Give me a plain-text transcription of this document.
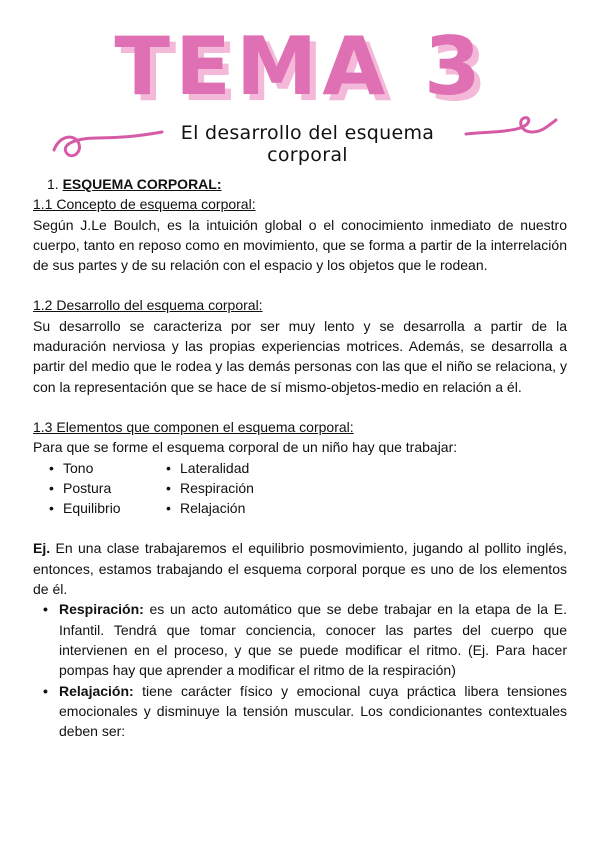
TEMA 3
El desarrollo del esquema corporal

1. ESQUEMA CORPORAL:

1.1 Concepto de esquema corporal:

Según J.Le Boulch, es la intuición global o el conocimiento inmediato de nuestro cuerpo, tanto en reposo como en movimiento, que se forma a partir de la interrelación de sus partes y de su relación con el espacio y los objetos que le rodean.

1.2 Desarrollo del esquema corporal:

Su desarrollo se caracteriza por ser muy lento y se desarrolla a partir de la maduración nerviosa y las propias experiencias motrices. Además, se desarrolla a partir del medio que le rodea y las demás personas con las que el niño se relaciona, y con la representación que se hace de sí mismo-objetos-medio en relación a él.

1.3 Elementos que componen el esquema corporal:

Para que se forme el esquema corporal de un niño hay que trabajar:

• Tono
• Postura
• Equilibrio
• Lateralidad
• Respiración
• Relajación

Ej. En una clase trabajaremos el equilibrio posmovimiento, jugando al pollito inglés, entonces, estamos trabajando el esquema corporal porque es uno de los elementos de él.

• Respiración: es un acto automático que se debe trabajar en la etapa de la E. Infantil. Tendrá que tomar conciencia, conocer las partes del cuerpo que intervienen en el proceso, y que se puede modificar el ritmo. (Ej. Para hacer pompas hay que aprender a modificar el ritmo de la respiración)

• Relajación: tiene carácter físico y emocional cuya práctica libera tensiones emocionales y disminuye la tensión muscular. Los condicionantes contextuales deben ser:
